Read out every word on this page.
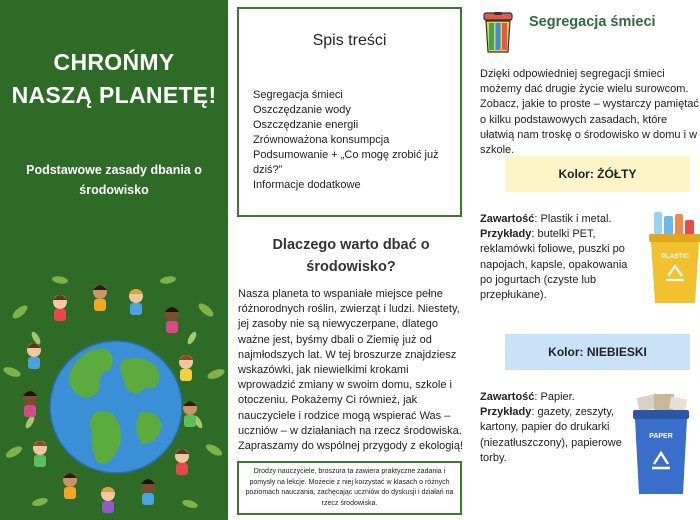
CHROŃMY
NASZĄ PLANETĘ!
Podstawowe zasady dbania o środowisko
Spis treści
Segregacja śmieci
Oszczędzanie wody
Oszczędzanie energii
Zrównoważona konsumpcja
Podsumowanie + „Co mogę zrobić już dziś?”
Informacje dodatkowe
Dlaczego warto dbać o środowisko?
Nasza planeta to wspaniałe miejsce pełne różnorodnych roślin, zwierząt i ludzi. Niestety, jej zasoby nie są niewyczerpane, dlatego ważne jest, byśmy dbali o Ziemię już od najmłodszych lat. W tej broszurze znajdziesz wskazówki, jak niewielkimi krokami wprowadzić zmiany w swoim domu, szkole i otoczeniu. Pokażemy Ci również, jak nauczyciele i rodzice mogą wspierać Was – uczniów – w działaniach na rzecz środowiska. Zapraszamy do wspólnej przygody z ekologią!
Drodzy nauczyciele, broszura ta zawiera praktyczne zadania i pomysły na lekcje. Możecie z niej korzystać w klasach o różnych poziomach nauczania, zachęcając uczniów do dyskusji i działań na rzecz środowiska.
Segregacja śmieci
Dzięki odpowiedniej segregacji śmieci możemy dać drugie życie wielu surowcom. Zobacz, jakie to proste – wystarczy pamiętać o kilku podstawowych zasadach, które ułatwią nam troskę o środowisko w domu i w szkole.
Kolor: ŻÓŁTY
Zawartość: Plastik i metal.
Przykłady: butelki PET, reklamówki foliowe, puszki po napojach, kapsle, opakowania po jogurtach (czyste lub przepłukane).
PLASTIC
Kolor: NIEBIESKI
Zawartość: Papier.
Przykłady: gazety, zeszyty, kartony, papier do drukarki (niezatłuszczony), papierowe torby.
PAPER
